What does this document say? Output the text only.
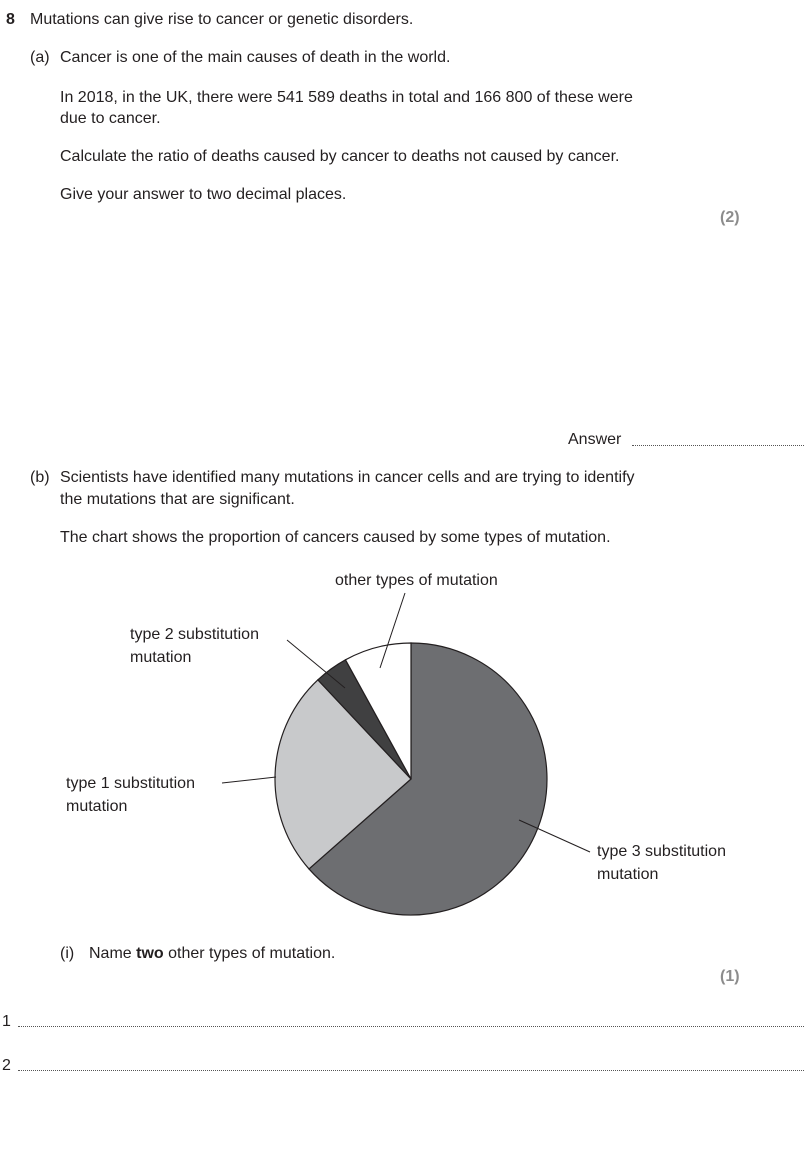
8 Mutations can give rise to cancer or genetic disorders.
(a) Cancer is one of the main causes of death in the world.
In 2018, in the UK, there were 541 589 deaths in total and 166 800 of these were
due to cancer.
Calculate the ratio of deaths caused by cancer to deaths not caused by cancer.
Give your answer to two decimal places.
(2)
Answer
(b) Scientists have identified many mutations in cancer cells and are trying to identify
the mutations that are significant.
The chart shows the proportion of cancers caused by some types of mutation.
other types of mutation
type 2 substitution
mutation
type 1 substitution
mutation
type 3 substitution
mutation
(i) Name two other types of mutation.
(1)
1
2
